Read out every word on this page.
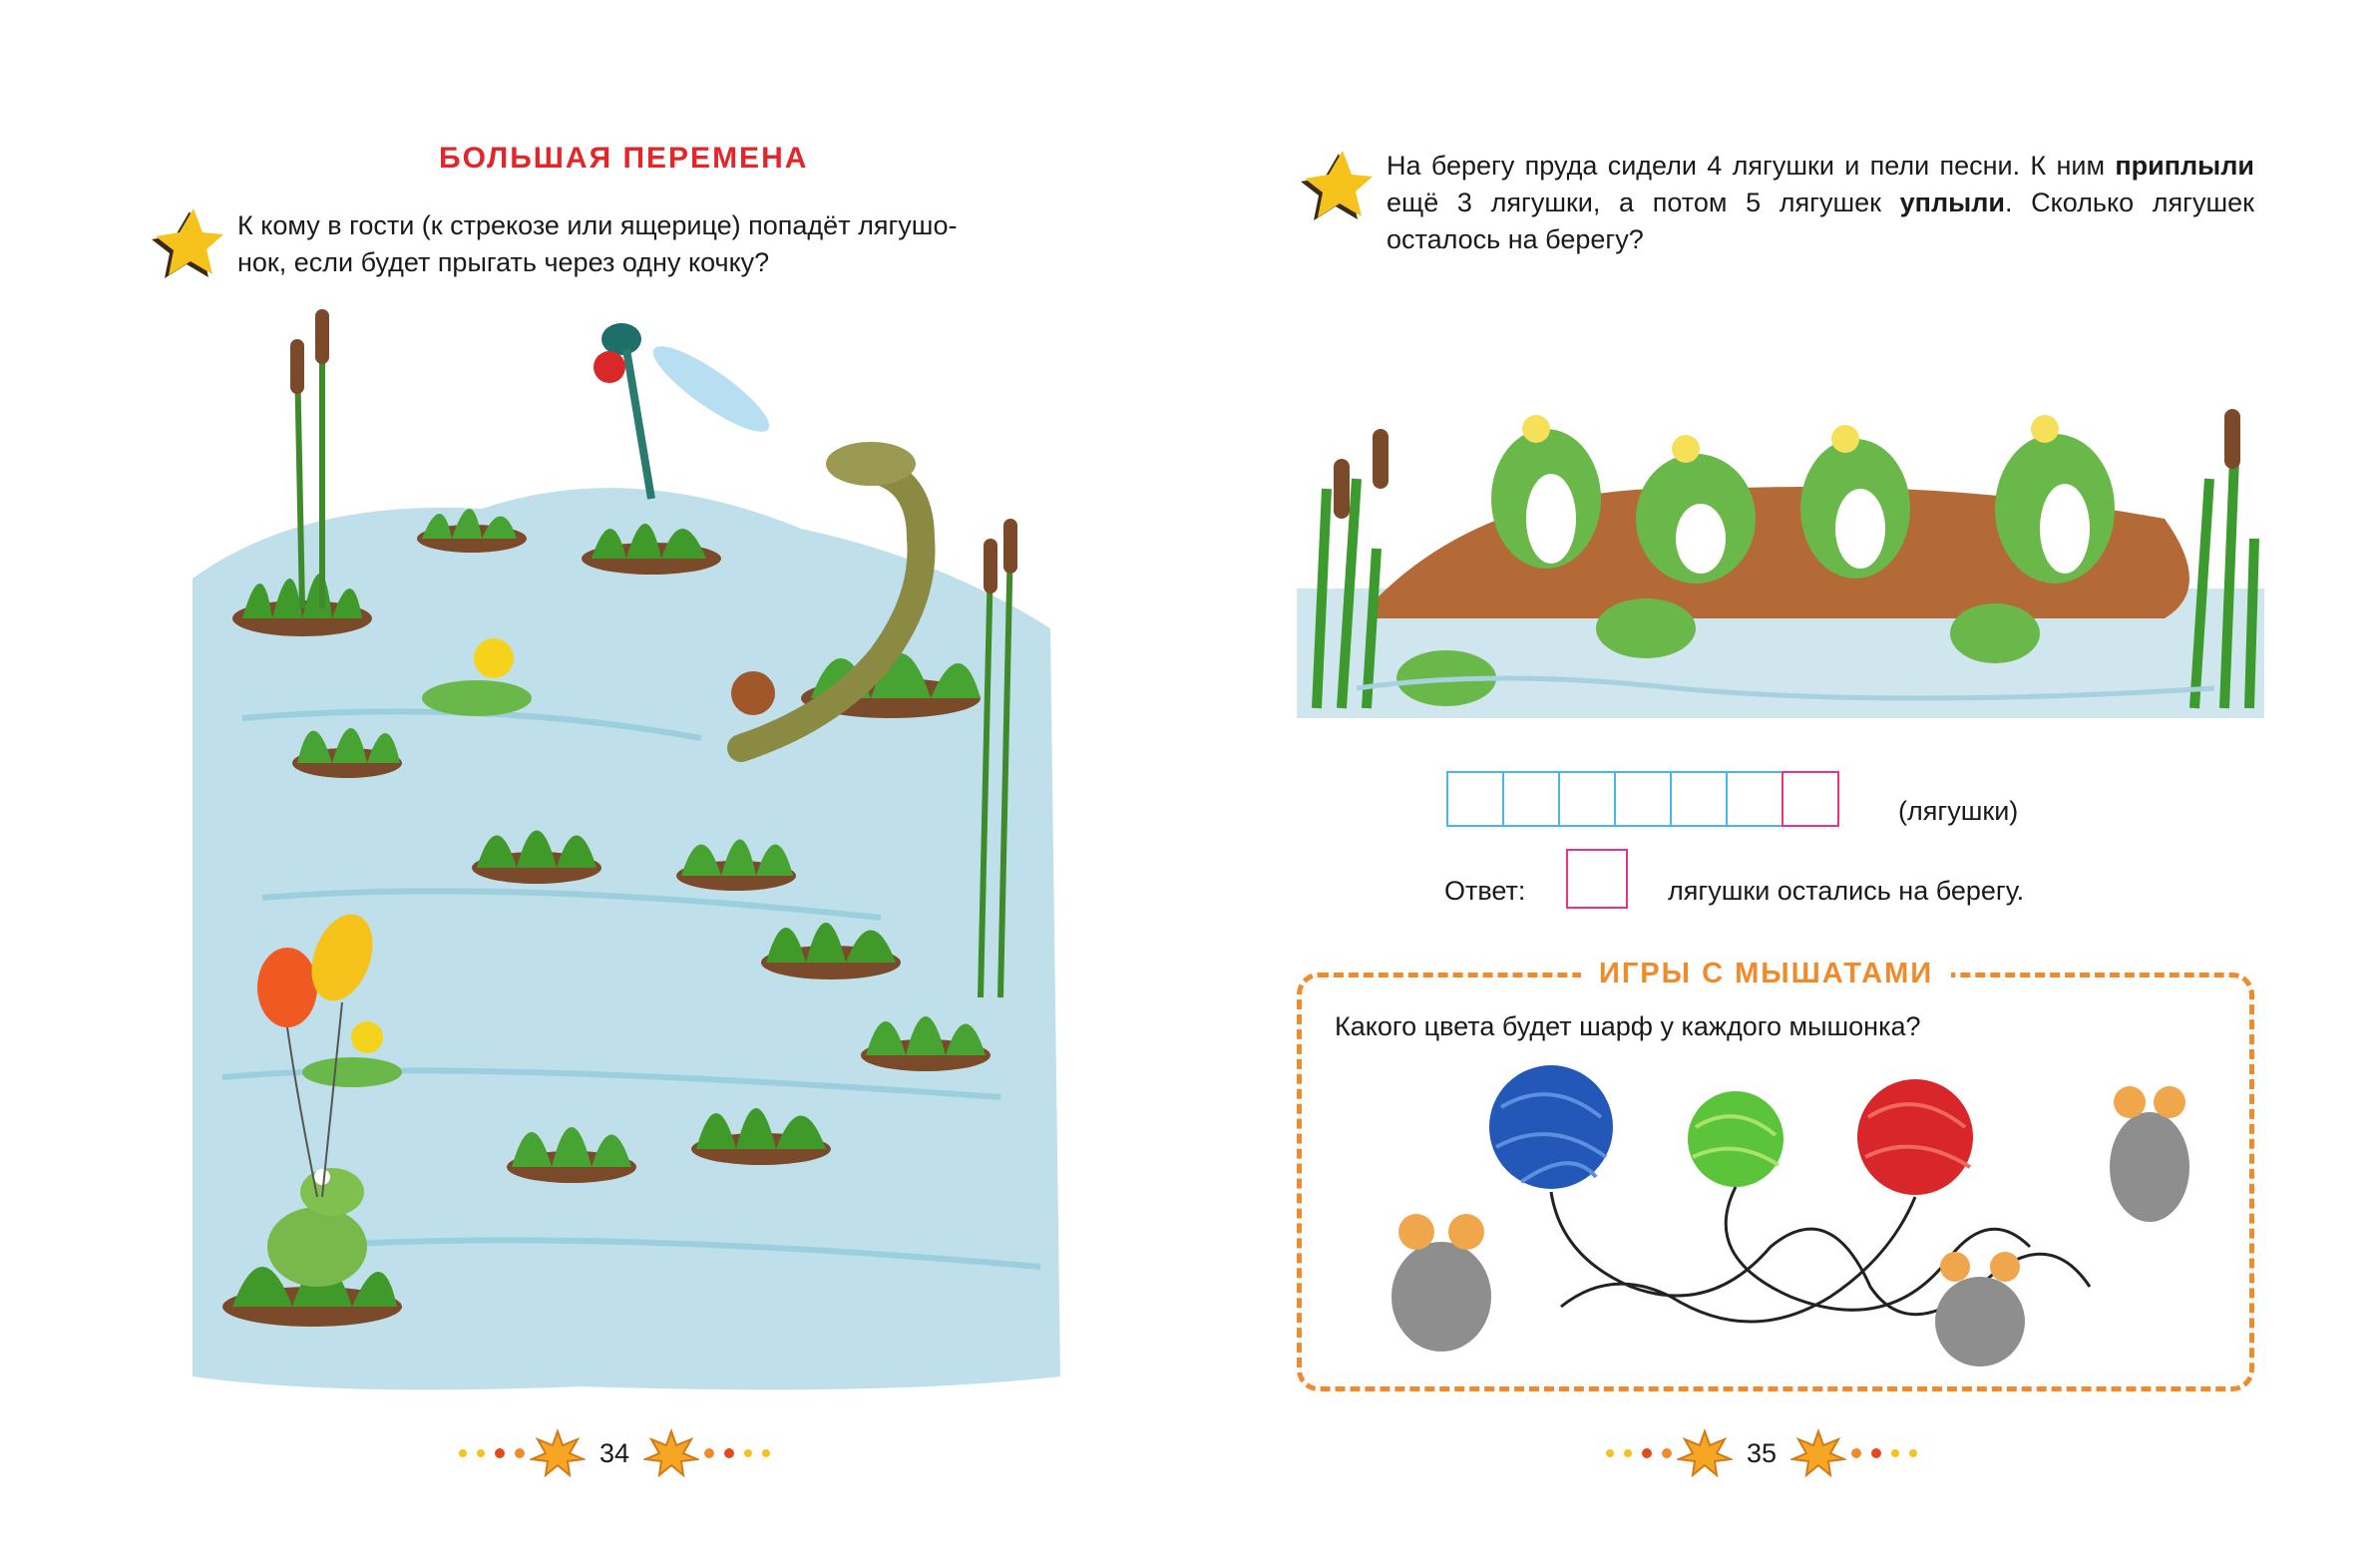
БОЛЬШАЯ ПЕРЕМЕНА
К кому в гости (к стрекозе или ящерице) попадёт лягушо-
нок, если будет прыгать через одну кочку?
34
На берегу пруда сидели 4 лягушки и пели песни. К ним приплыли ещё 3 лягушки, а потом 5 лягушек уплыли. Сколько лягушек осталось на берегу?
(лягушки)
Ответ:	лягушки остались на берегу.
ИГРЫ С МЫШАТАМИ
Какого цвета будет шарф у каждого мышонка?
35
